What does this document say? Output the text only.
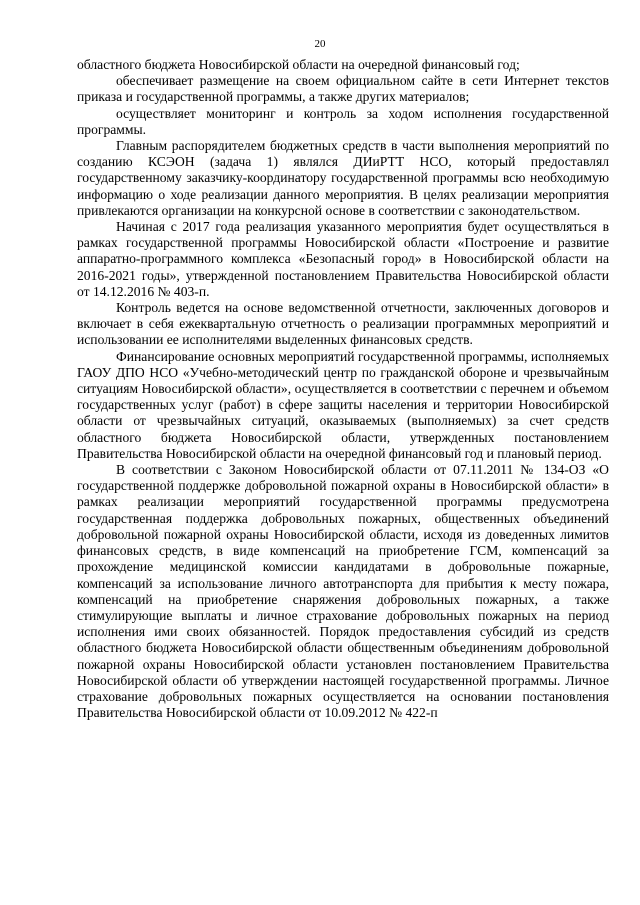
20

областного бюджета Новосибирской области на очередной финансовый год;

обеспечивает размещение на своем официальном сайте в сети Интернет текстов приказа и государственной программы, а также других материалов;

осуществляет мониторинг и контроль за ходом исполнения государственной программы.

Главным распорядителем бюджетных средств в части выполнения мероприятий по созданию КСЭОН (задача 1) являлся ДИиРТТ НСО, который предоставлял государственному заказчику-координатору государственной программы всю необходимую информацию о ходе реализации данного мероприятия. В целях реализации мероприятия привлекаются организации на конкурсной основе в соответствии с законодательством.

Начиная с 2017 года реализация указанного мероприятия будет осуществляться в рамках государственной программы Новосибирской области «Построение и развитие аппаратно-программного комплекса «Безопасный город» в Новосибирской области на 2016-2021 годы», утвержденной постановлением Правительства Новосибирской области от 14.12.2016 № 403-п.

Контроль ведется на основе ведомственной отчетности, заключенных договоров и включает в себя ежеквартальную отчетность о реализации программных мероприятий и использовании ее исполнителями выделенных финансовых средств.

Финансирование основных мероприятий государственной программы, исполняемых ГАОУ ДПО НСО «Учебно-методический центр по гражданской обороне и чрезвычайным ситуациям Новосибирской области», осуществляется в соответствии с перечнем и объемом государственных услуг (работ) в сфере защиты населения и территории Новосибирской области от чрезвычайных ситуаций, оказываемых (выполняемых) за счет средств областного бюджета Новосибирской области, утвержденных постановлением Правительства Новосибирской области на очередной финансовый год и плановый период.

В соответствии с Законом Новосибирской области от 07.11.2011 № 134-ОЗ «О государственной поддержке добровольной пожарной охраны в Новосибирской области» в рамках реализации мероприятий государственной программы предусмотрена государственная поддержка добровольных пожарных, общественных объединений добровольной пожарной охраны Новосибирской области, исходя из доведенных лимитов финансовых средств, в виде компенсаций на приобретение ГСМ, компенсаций за прохождение медицинской комиссии кандидатами в добровольные пожарные, компенсаций за использование личного автотранспорта для прибытия к месту пожара, компенсаций на приобретение снаряжения добровольных пожарных, а также стимулирующие выплаты и личное страхование добровольных пожарных на период исполнения ими своих обязанностей. Порядок предоставления субсидий из средств областного бюджета Новосибирской области общественным объединениям добровольной пожарной охраны Новосибирской области установлен постановлением Правительства Новосибирской области об утверждении настоящей государственной программы. Личное страхование добровольных пожарных осуществляется на основании постановления Правительства Новосибирской области от 10.09.2012 № 422-п
